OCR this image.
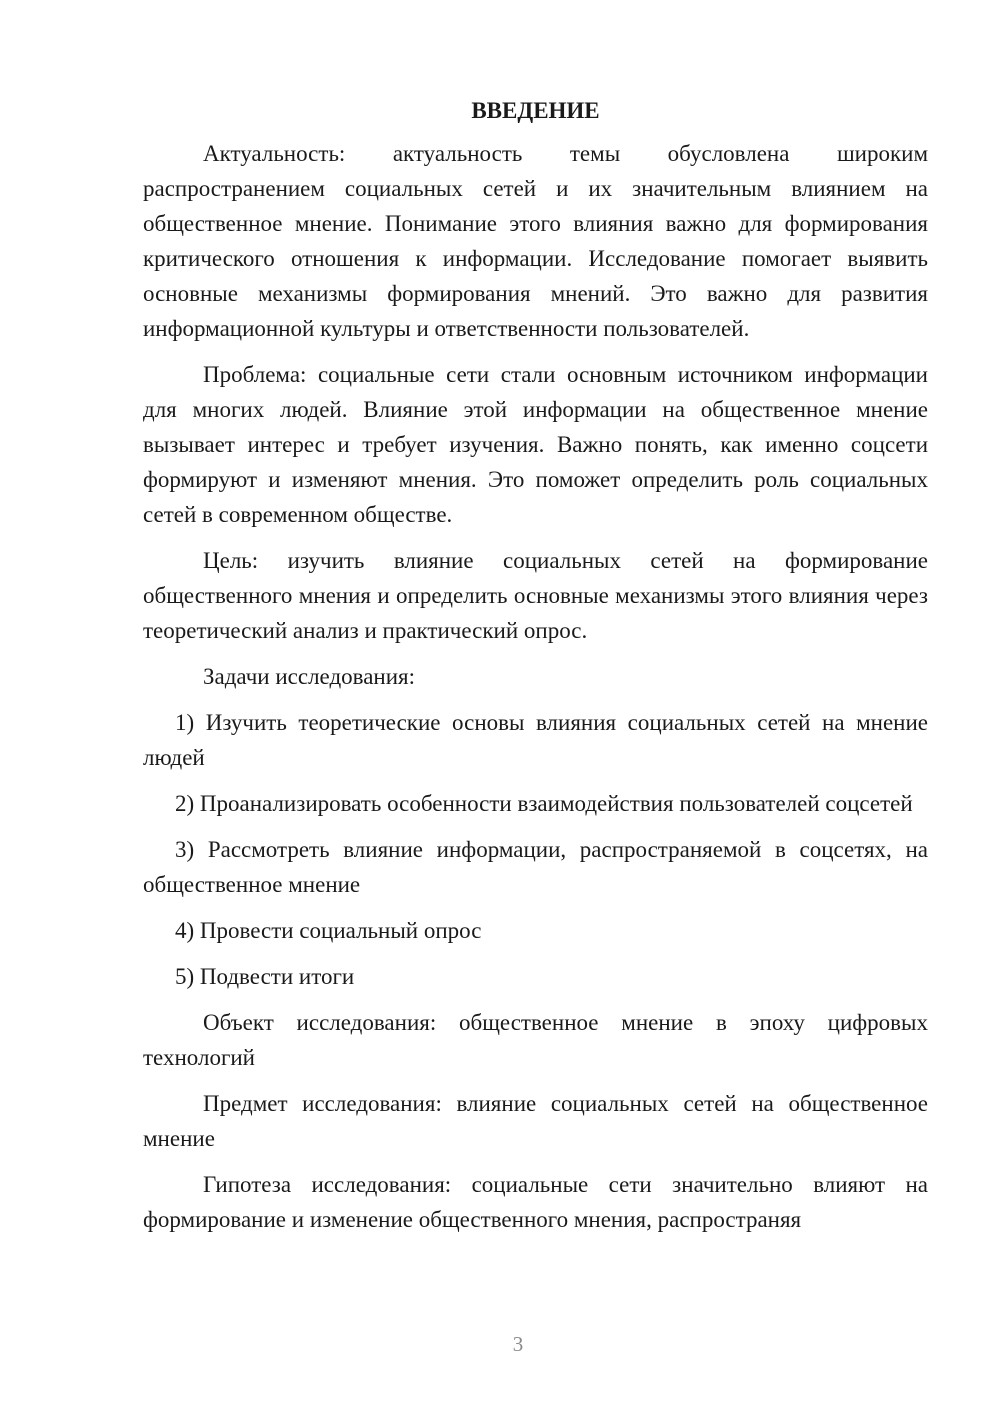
ВВЕДЕНИЕ

Актуальность: актуальность темы обусловлена широким распространением социальных сетей и их значительным влиянием на общественное мнение. Понимание этого влияния важно для формирования критического отношения к информации. Исследование помогает выявить основные механизмы формирования мнений. Это важно для развития информационной культуры и ответственности пользователей.

Проблема: социальные сети стали основным источником информации для многих людей. Влияние этой информации на общественное мнение вызывает интерес и требует изучения. Важно понять, как именно соцсети формируют и изменяют мнения. Это поможет определить роль социальных сетей в современном обществе.

Цель: изучить влияние социальных сетей на формирование общественного мнения и определить основные механизмы этого влияния через теоретический анализ и практический опрос.

Задачи исследования:

1) Изучить теоретические основы влияния социальных сетей на мнение людей

2) Проанализировать особенности взаимодействия пользователей соцсетей

3) Рассмотреть влияние информации, распространяемой в соцсетях, на общественное мнение

4) Провести социальный опрос

5) Подвести итоги

Объект исследования: общественное мнение в эпоху цифровых технологий

Предмет исследования: влияние социальных сетей на общественное мнение

Гипотеза исследования: социальные сети значительно влияют на формирование и изменение общественного мнения, распространяя

3
